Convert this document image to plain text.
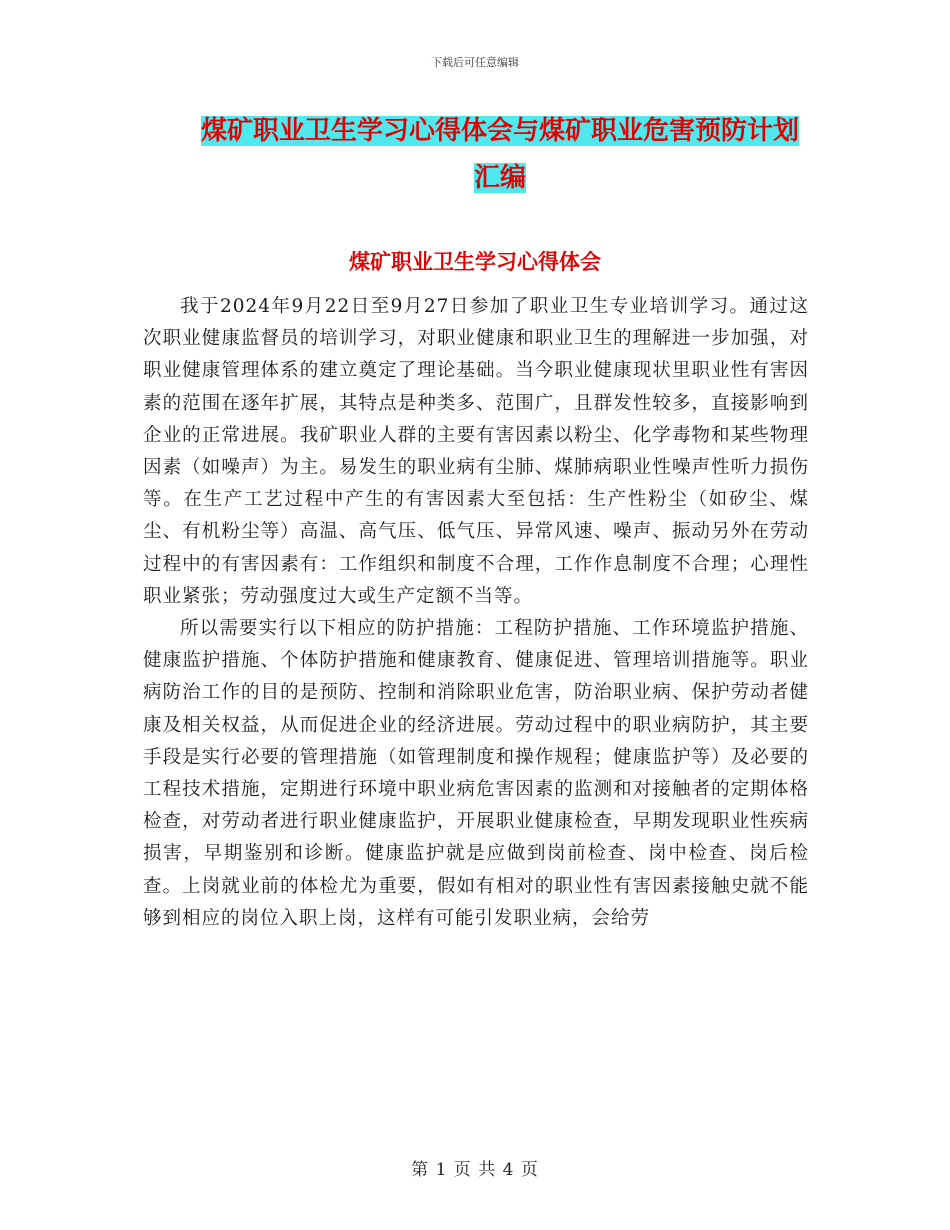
下载后可任意编辑
煤矿职业卫生学习心得体会与煤矿职业危害预防计划汇编
煤矿职业卫生学习心得体会

我于2024年9月22日至9月27日参加了职业卫生专业培训学习。通过这次职业健康监督员的培训学习，对职业健康和职业卫生的理解进一步加强，对职业健康管理体系的建立奠定了理论基础。当今职业健康现状里职业性有害因素的范围在逐年扩展，其特点是种类多、范围广，且群发性较多，直接影响到企业的正常进展。我矿职业人群的主要有害因素以粉尘、化学毒物和某些物理因素（如噪声）为主。易发生的职业病有尘肺、煤肺病职业性噪声性听力损伤等。在生产工艺过程中产生的有害因素大至包括：生产性粉尘（如矽尘、煤尘、有机粉尘等）高温、高气压、低气压、异常风速、噪声、振动另外在劳动过程中的有害因素有：工作组织和制度不合理，工作作息制度不合理；心理性职业紧张；劳动强度过大或生产定额不当等。

所以需要实行以下相应的防护措施：工程防护措施、工作环境监护措施、健康监护措施、个体防护措施和健康教育、健康促进、管理培训措施等。职业病防治工作的目的是预防、控制和消除职业危害，防治职业病、保护劳动者健康及相关权益，从而促进企业的经济进展。劳动过程中的职业病防护，其主要手段是实行必要的管理措施（如管理制度和操作规程；健康监护等）及必要的工程技术措施，定期进行环境中职业病危害因素的监测和对接触者的定期体格检查，对劳动者进行职业健康监护，开展职业健康检查，早期发现职业性疾病损害，早期鉴别和诊断。健康监护就是应做到岗前检查、岗中检查、岗后检查。上岗就业前的体检尤为重要，假如有相对的职业性有害因素接触史就不能够到相应的岗位入职上岗，这样有可能引发职业病，会给劳

第 1 页 共 4 页
